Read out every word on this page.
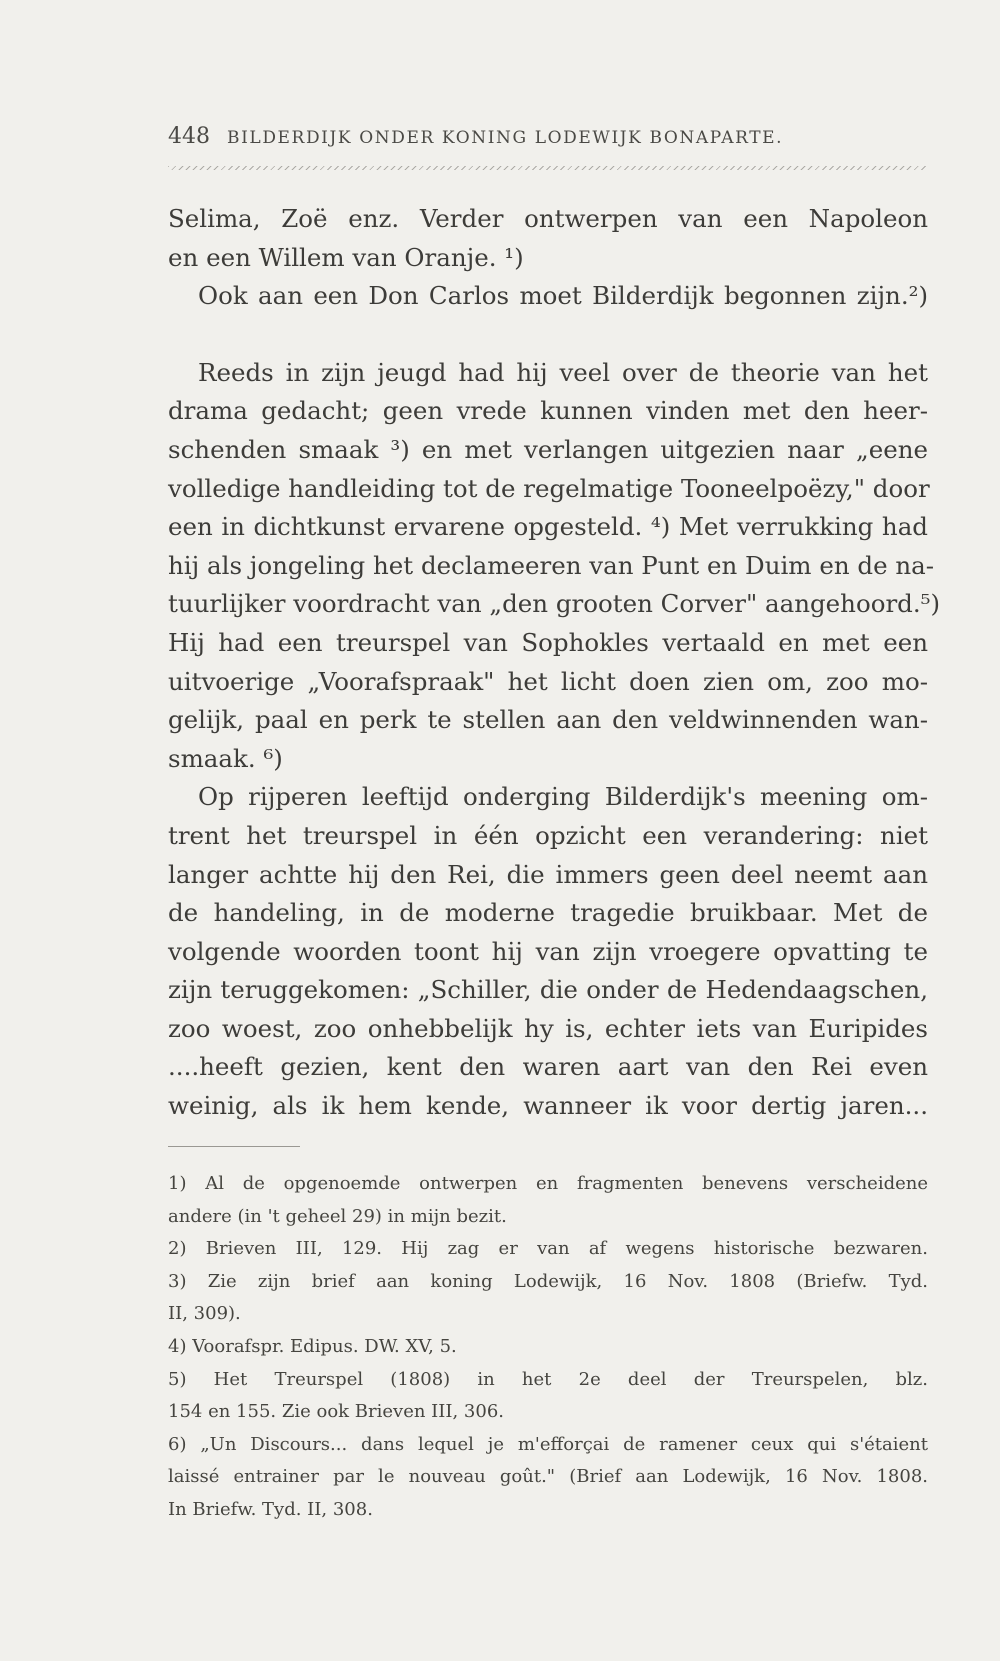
448 BILDERDIJK ONDER KONING LODEWIJK BONAPARTE.
Selima, Zoë enz. Verder ontwerpen van een Napoleon
en een Willem van Oranje. ¹)
Ook aan een Don Carlos moet Bilderdijk begonnen zijn.²)
Reeds in zijn jeugd had hij veel over de theorie van het
drama gedacht; geen vrede kunnen vinden met den heer-
schenden smaak ³) en met verlangen uitgezien naar „eene
volledige handleiding tot de regelmatige Tooneelpoëzy," door
een in dichtkunst ervarene opgesteld. ⁴) Met verrukking had
hij als jongeling het declameeren van Punt en Duim en de na-
tuurlijker voordracht van „den grooten Corver" aangehoord.⁵)
Hij had een treurspel van Sophokles vertaald en met een
uitvoerige „Voorafspraak" het licht doen zien om, zoo mo-
gelijk, paal en perk te stellen aan den veldwinnenden wan-
smaak. ⁶)
Op rijperen leeftijd onderging Bilderdijk's meening om-
trent het treurspel in één opzicht een verandering: niet
langer achtte hij den Rei, die immers geen deel neemt aan
de handeling, in de moderne tragedie bruikbaar. Met de
volgende woorden toont hij van zijn vroegere opvatting te
zijn teruggekomen: „Schiller, die onder de Hedendaagschen,
zoo woest, zoo onhebbelijk hy is, echter iets van Euripides
....heeft gezien, kent den waren aart van den Rei even
weinig, als ik hem kende, wanneer ik voor dertig jaren...
1) Al de opgenoemde ontwerpen en fragmenten benevens verscheidene
andere (in 't geheel 29) in mijn bezit.
2) Brieven III, 129. Hij zag er van af wegens historische bezwaren.
3) Zie zijn brief aan koning Lodewijk, 16 Nov. 1808 (Briefw. Tyd.
II, 309).
4) Voorafspr. Edipus. DW. XV, 5.
5) Het Treurspel (1808) in het 2e deel der Treurspelen, blz.
154 en 155. Zie ook Brieven III, 306.
6) „Un Discours... dans lequel je m'efforçai de ramener ceux qui s'étaient
laissé entrainer par le nouveau goût." (Brief aan Lodewijk, 16 Nov. 1808.
In Briefw. Tyd. II, 308.
